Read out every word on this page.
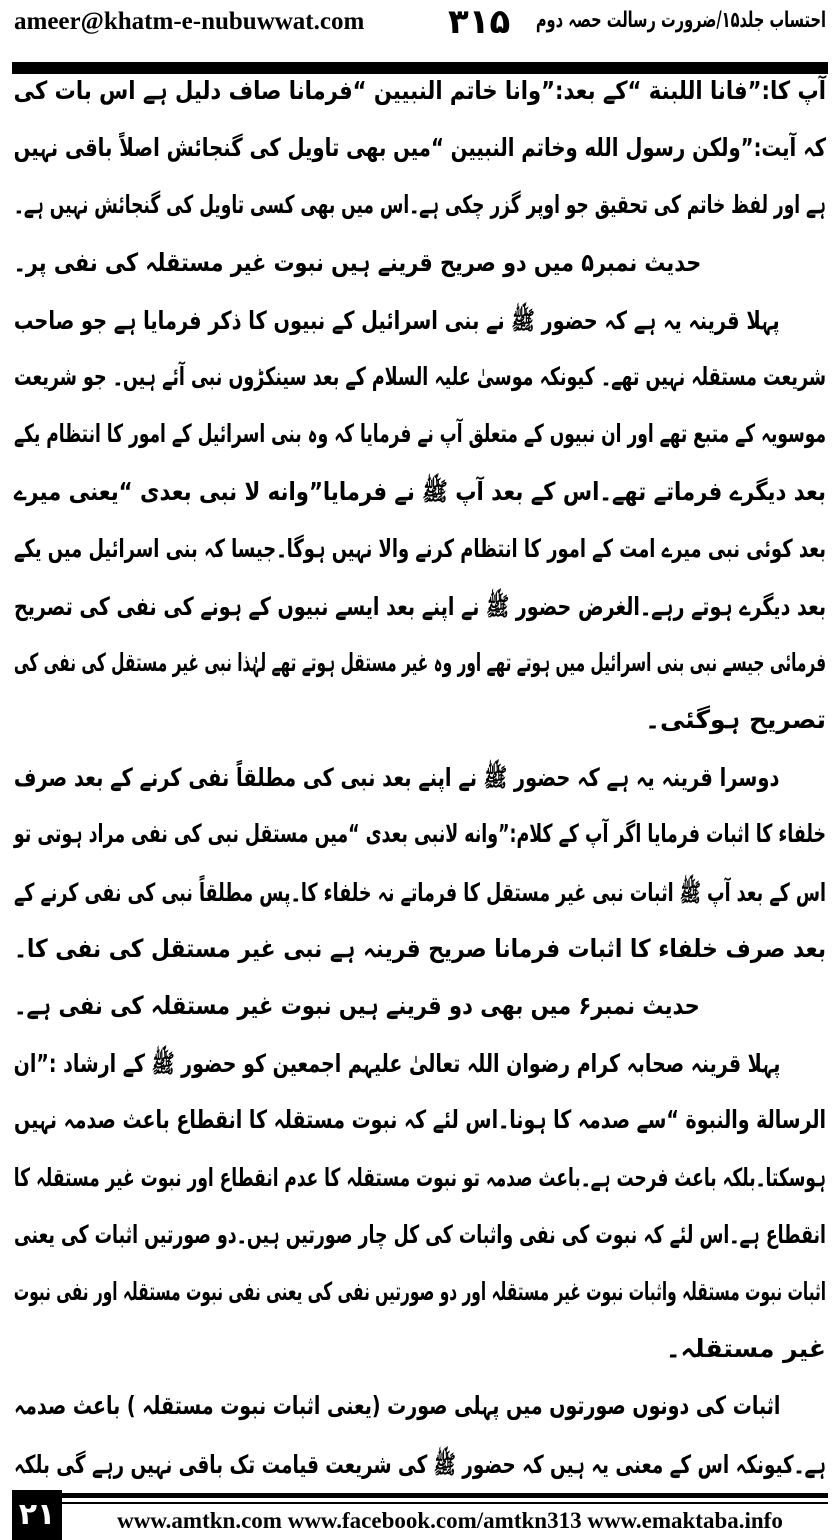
ameer@khatm-e-nubuwwat.com	۳۱۵	احتساب جلد۱۵/ضرورت رسالت حصہ دوم
آپ کا:”فانا اللبنة “کے بعد:”وانا خاتم النبیین “فرمانا صاف دلیل ہے اس بات کی
کہ آیت:”ولکن رسول الله وخاتم النبیین “میں بھی تاویل کی گنجائش اصلاً باقی نہیں
ہے اور لفظ خاتم کی تحقیق جو اوپر گزر چکی ہے۔اس میں بھی کسی تاویل کی گنجائش نہیں ہے۔
حدیث نمبر۵ میں دو صریح قرینے ہیں نبوت غیر مستقلہ کی نفی پر۔
پہلا قرینہ یہ ہے کہ حضور ﷺ نے بنی اسرائیل کے نبیوں کا ذکر فرمایا ہے جو صاحب
شریعت مستقلہ نہیں تھے۔ کیونکہ موسیٰ علیہ السلام کے بعد سینکڑوں نبی آئے ہیں۔ جو شریعت
موسویہ کے متبع تھے اور ان نبیوں کے متعلق آپ نے فرمایا کہ وہ بنی اسرائیل کے امور کا انتظام یکے
بعد دیگرے فرماتے تھے۔اس کے بعد آپ ﷺ نے فرمایا”وانه لا نبی بعدی “یعنی میرے
بعد کوئی نبی میرے امت کے امور کا انتظام کرنے والا نہیں ہوگا۔جیسا کہ بنی اسرائیل میں یکے
بعد دیگرے ہوتے رہے۔الغرض حضور ﷺ نے اپنے بعد ایسے نبیوں کے ہونے کی نفی کی تصریح
فرمائی جیسے نبی بنی اسرائیل میں ہوتے تھے اور وہ غیر مستقل ہوتے تھے لہٰذا نبی غیر مستقل کی نفی کی
تصریح ہوگئی۔
دوسرا قرینہ یہ ہے کہ حضور ﷺ نے اپنے بعد نبی کی مطلقاً نفی کرنے کے بعد صرف
خلفاء کا اثبات فرمایا اگر آپ کے کلام:”وانه لانبی بعدی “میں مستقل نبی کی نفی مراد ہوتی تو
اس کے بعد آپ ﷺ اثبات نبی غیر مستقل کا فرماتے نہ خلفاء کا۔پس مطلقاً نبی کی نفی کرنے کے
بعد صرف خلفاء کا اثبات فرمانا صریح قرینہ ہے نبی غیر مستقل کی نفی کا۔
حدیث نمبر۶ میں بھی دو قرینے ہیں نبوت غیر مستقلہ کی نفی ہے۔
پہلا قرینہ صحابہ کرام رضوان اللہ تعالیٰ علیہم اجمعین کو حضور ﷺ کے ارشاد :”ان
الرسالة والنبوة “سے صدمہ کا ہونا۔اس لئے کہ نبوت مستقلہ کا انقطاع باعث صدمہ نہیں
ہوسکتا۔بلکہ باعث فرحت ہے۔باعث صدمہ تو نبوت مستقلہ کا عدم انقطاع اور نبوت غیر مستقلہ کا
انقطاع ہے۔اس لئے کہ نبوت کی نفی واثبات کی کل چار صورتیں ہیں۔دو صورتیں اثبات کی یعنی
اثبات نبوت مستقلہ واثبات نبوت غیر مستقلہ اور دو صورتیں نفی کی یعنی نفی نبوت مستقلہ اور نفی نبوت
غیر مستقلہ۔
اثبات کی دونوں صورتوں میں پہلی صورت (یعنی اثبات نبوت مستقلہ ) باعث صدمہ
ہے۔کیونکہ اس کے معنی یہ ہیں کہ حضور ﷺ کی شریعت قیامت تک باقی نہیں رہے گی بلکہ
۲۱	www.amtkn.com www.facebook.com/amtkn313 www.emaktaba.info
